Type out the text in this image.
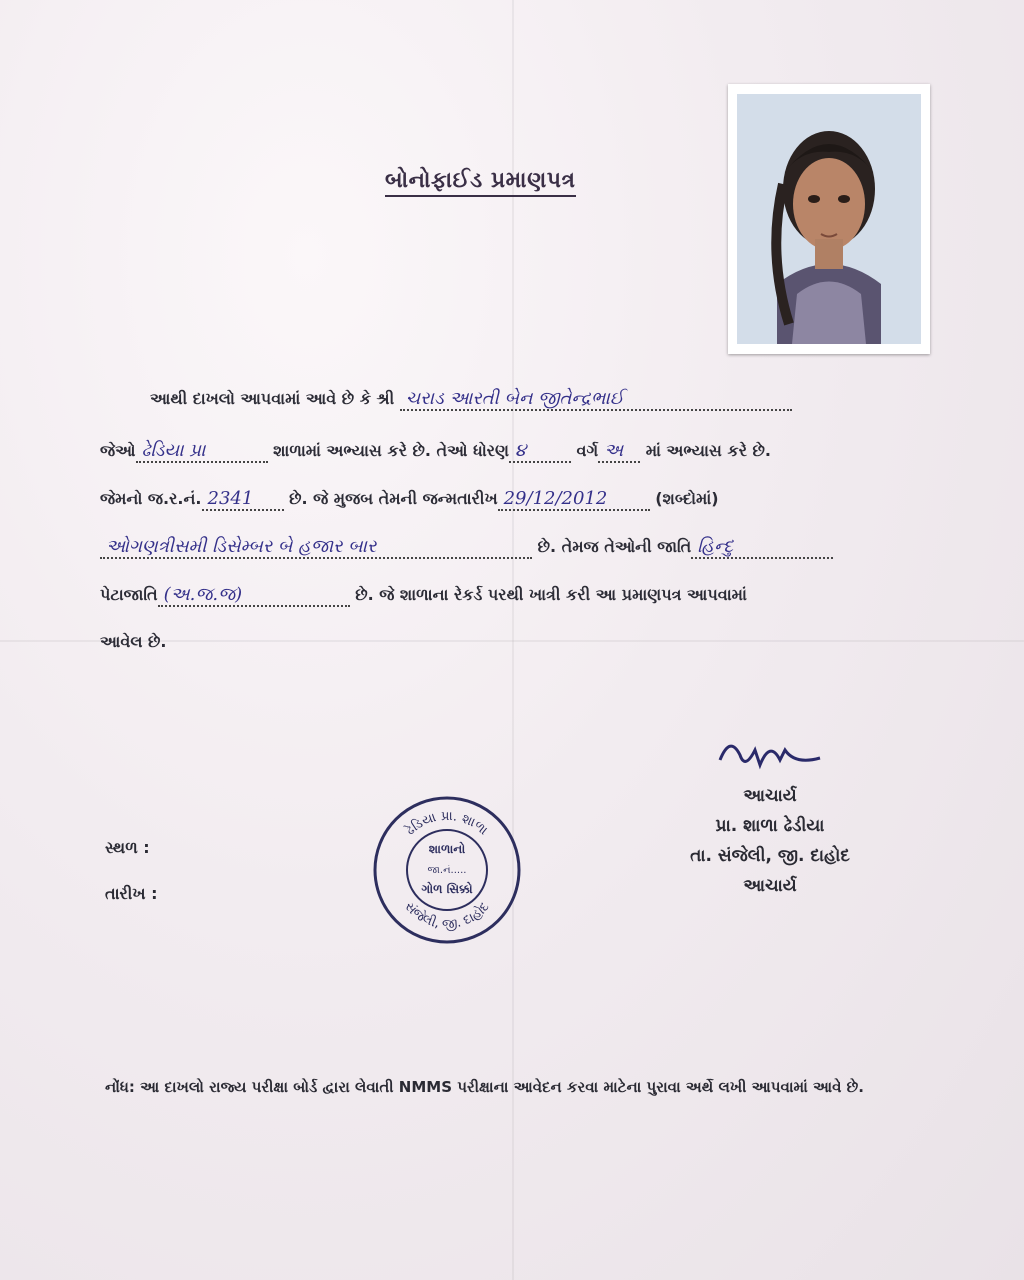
બોનોફાઈડ પ્રમાણપત્ર
આથી દાખલો આપવામાં આવે છે કે શ્રી ચરાડ આરતી બેન જીતેન્દ્રભાઈ
જેઓ ઢેડિયા પ્રા	શાળામાં અભ્યાસ કરે છે. તેઓ ધોરણ ૪	વર્ગ અ માં અભ્યાસ કરે છે.
જેમનો જ.ર.નં. 2341 છે. જે મુજબ તેમની જન્મતારીખ 29/12/2012	(શબ્દોમાં)
ઓગણત્રીસમી ડિસેમ્બર બે હજાર બાર	છે. તેમજ તેઓની જાતિ હિન્દુ
પેટાજાતિ (અ.જ.જ)	છે. જે શાળાના રેકર્ડ પરથી ખાત્રી કરી આ પ્રમાણપત્ર આપવામાં
આવેલ છે.
આચાર્ય
પ્રા. શાળા ઢેડીયા
તા. સંજેલી, જી. દાહોદ
આચાર્ય
સ્થળ :
તારીખ :
ઢેડિયા પ્રા. શાળા
સંજેલી, જી. દાહોદ
શાળાનો
જા.નં.....
ગોળ સિક્કો
નોંધ: આ દાખલો રાજ્ય પરીક્ષા બોર્ડ દ્વારા લેવાતી NMMS પરીક્ષાના આવેદન કરવા માટેના પુરાવા અર્થે લખી આપવામાં આવે છે.
